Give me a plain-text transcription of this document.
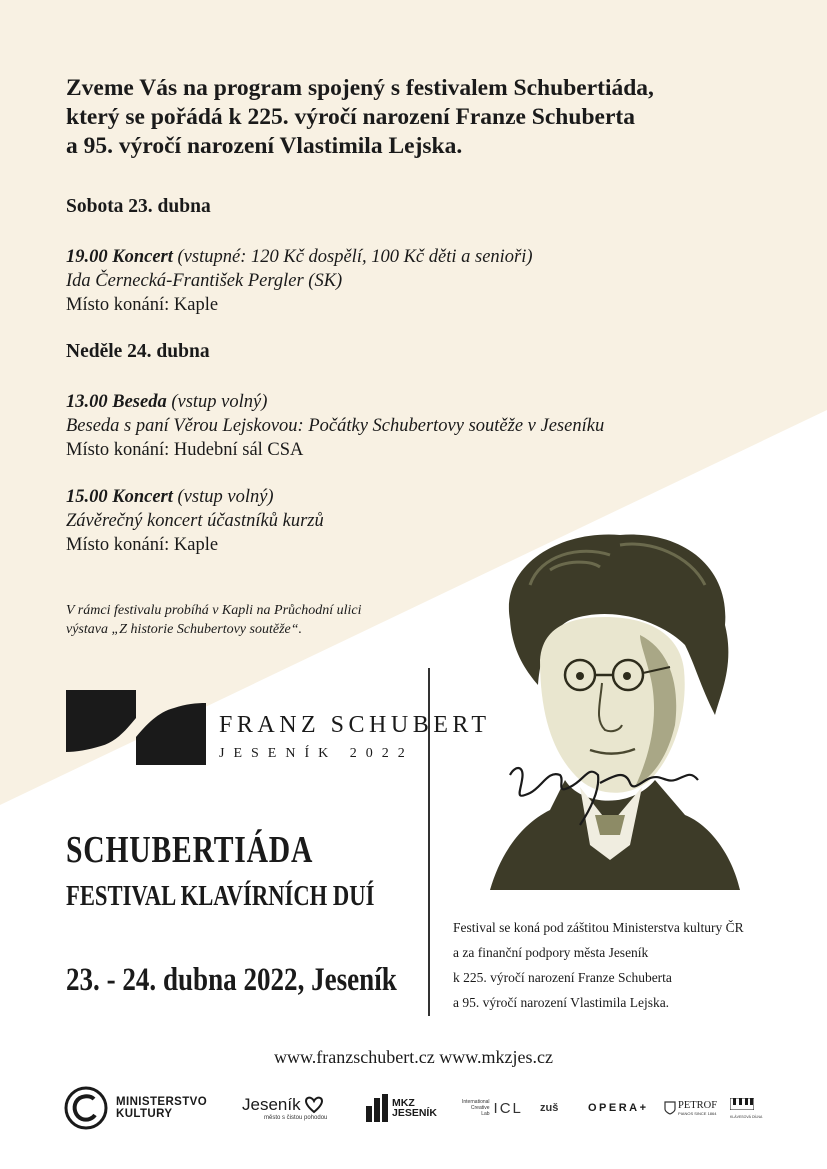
Zveme Vás na program spojený s festivalem Schubertiáda,
který se pořádá k 225. výročí narození Franze Schuberta
a 95. výročí narození Vlastimila Lejska.
Sobota 23. dubna
19.00 Koncert (vstupné: 120 Kč dospělí, 100 Kč děti a senioři)
Ida Černecká-František Pergler (SK)
Místo konání: Kaple
Neděle 24. dubna
13.00 Beseda (vstup volný)
Beseda s paní Věrou Lejskovou: Počátky Schubertovy soutěže v Jeseníku
Místo konání: Hudební sál CSA
15.00 Koncert (vstup volný)
Závěrečný koncert účastníků kurzů
Místo konání: Kaple
V rámci festivalu probíhá v Kapli na Průchodní ulici
výstava „Z historie Schubertovy soutěže“.
FRANZ SCHUBERT
JESENÍK 2022
SCHUBERTIÁDA
FESTIVAL KLAVÍRNÍCH DUÍ
23. - 24. dubna 2022, Jeseník
Festival se koná pod záštitou Ministerstva kultury ČR
a za finanční podpory města Jeseník
k 225. výročí narození Franze Schuberta
a 95. výročí narození Vlastimila Lejska.
www.franzschubert.cz www.mkzjes.cz
MINISTERSTVO
KULTURY	Jeseník
město s čistou pohodou
MKZ
JESENÍK
International
Creative
Lab ICL zuš	OPERA+	PETROF
PIANOS SINCE 1864
KLÁVESOVÁ DÍLNA
